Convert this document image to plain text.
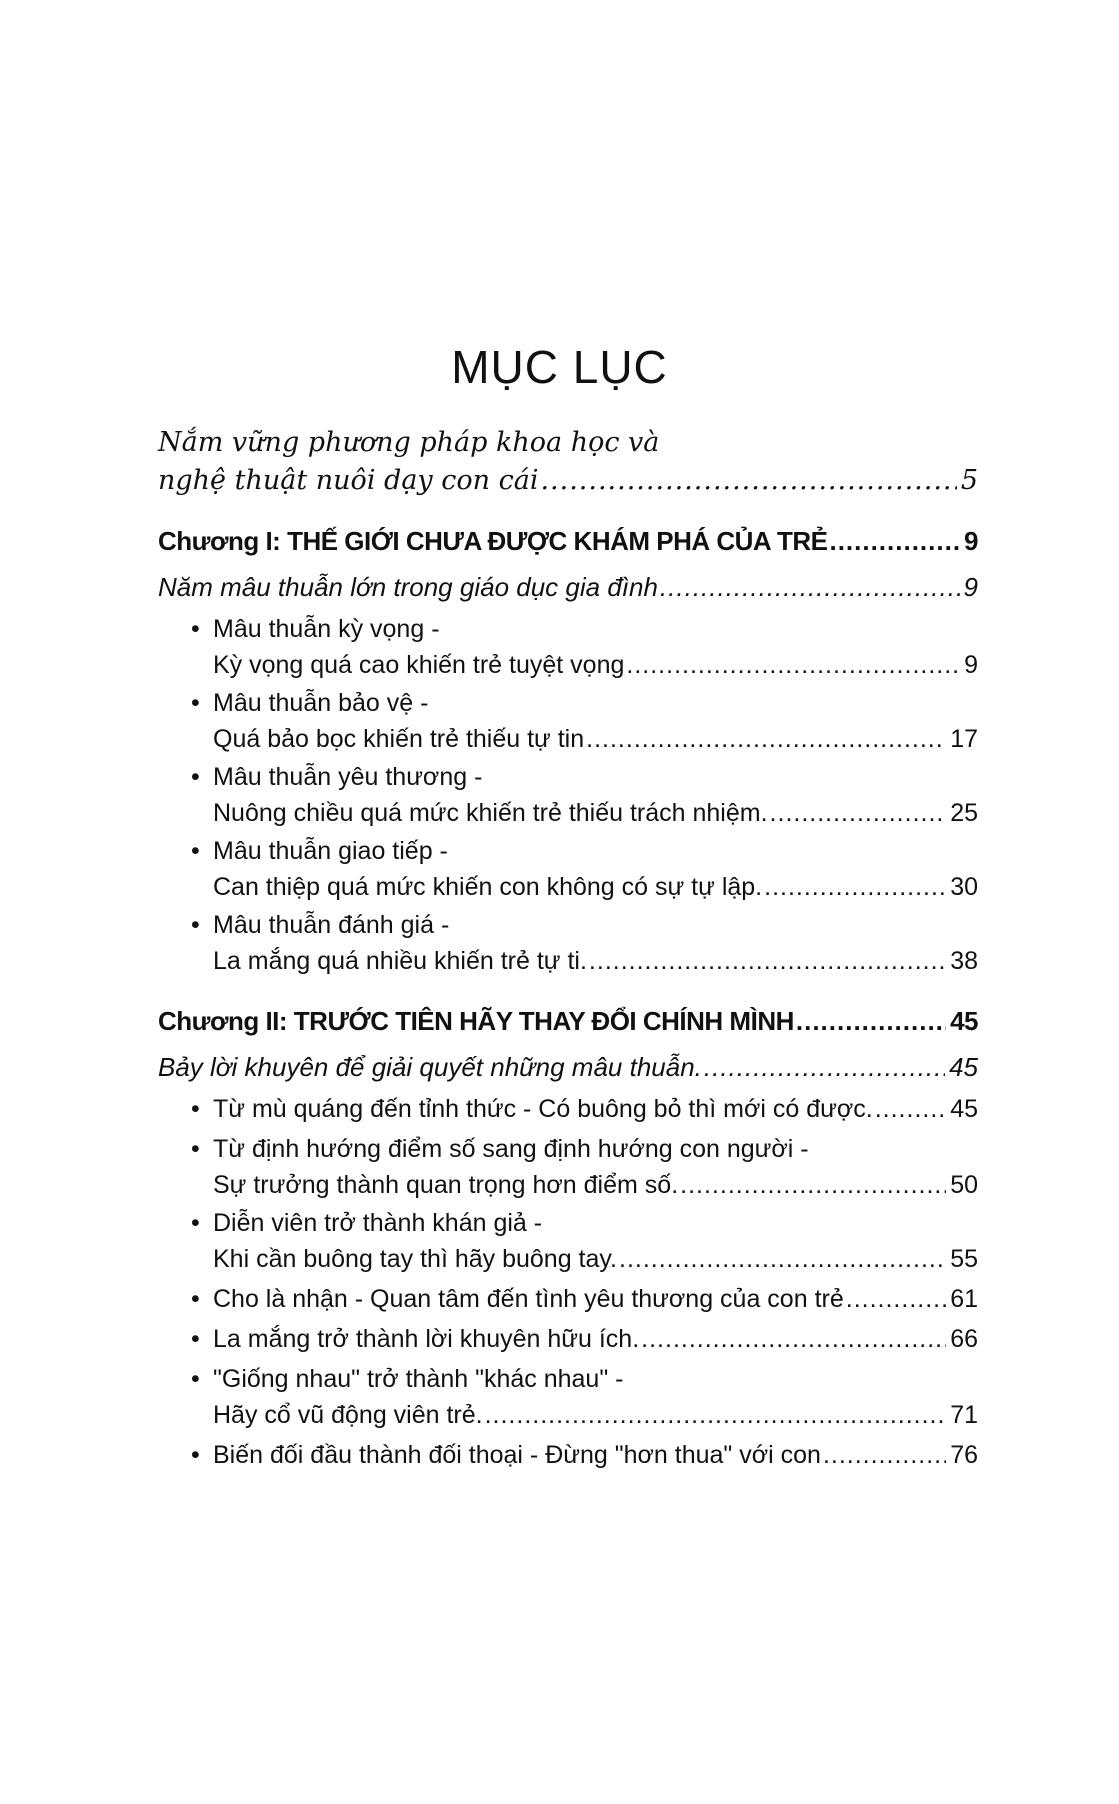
MỤC LỤC
Nắm vững phương pháp khoa học và
nghệ thuật nuôi dạy con cái .....	5
Chương I: THẾ GIỚI CHƯA ĐƯỢC KHÁM PHÁ CỦA TRẺ .....	9
Năm mâu thuẫn lớn trong giáo dục gia đình .....	9
• Mâu thuẫn kỳ vọng -
Kỳ vọng quá cao khiến trẻ tuyệt vọng .....	9
• Mâu thuẫn bảo vệ -
Quá bảo bọc khiến trẻ thiếu tự tin .....	17
• Mâu thuẫn yêu thương -
Nuông chiều quá mức khiến trẻ thiếu trách nhiệm. .....	25
• Mâu thuẫn giao tiếp -
Can thiệp quá mức khiến con không có sự tự lập. .....	30
• Mâu thuẫn đánh giá -
La mắng quá nhiều khiến trẻ tự ti. .....	38
Chương II: TRƯỚC TIÊN HÃY THAY ĐỔI CHÍNH MÌNH .....	45
Bảy lời khuyên để giải quyết những mâu thuẫn. .....	45
• Từ mù quáng đến tỉnh thức - Có buông bỏ thì mới có được. .....	45
• Từ định hướng điểm số sang định hướng con người -
Sự trưởng thành quan trọng hơn điểm số. .....	50
• Diễn viên trở thành khán giả -
Khi cần buông tay thì hãy buông tay. .....	55
• Cho là nhận - Quan tâm đến tình yêu thương của con trẻ .....	61
• La mắng trở thành lời khuyên hữu ích. .....	66
• "Giống nhau" trở thành "khác nhau" -
Hãy cổ vũ động viên trẻ. .....	71
• Biến đối đầu thành đối thoại - Đừng "hơn thua" với con .....	76
